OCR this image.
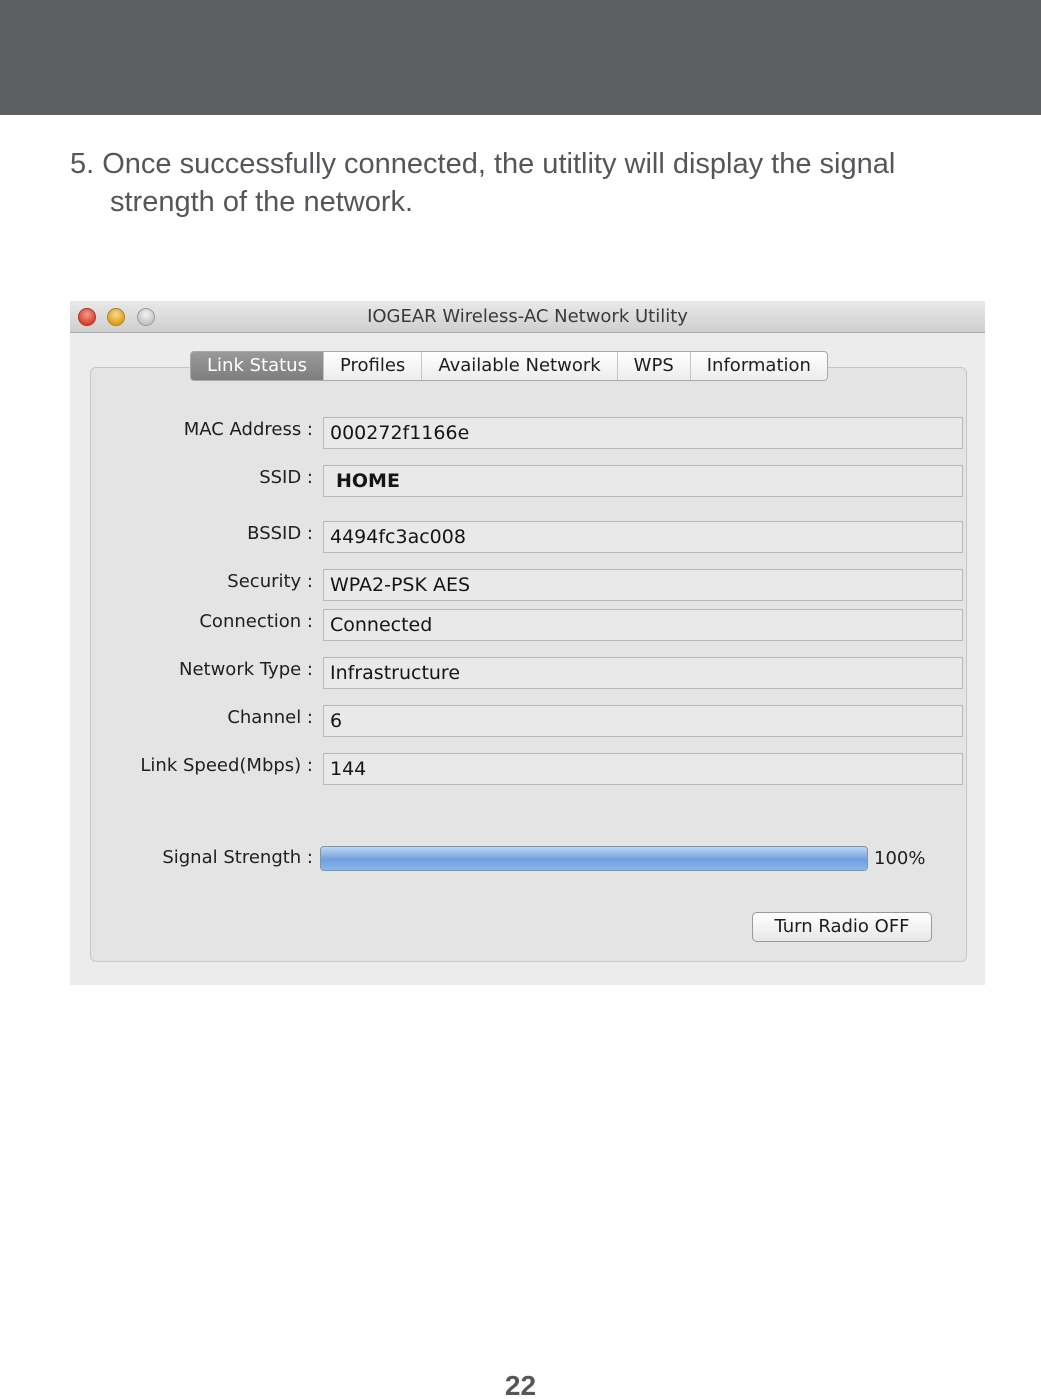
5. Once successfully connected, the utitlity will display the signal
strength of the network.

IOGEAR Wireless-AC Network Utility
Link Status	Profiles	Available Network	WPS	Information
MAC Address : 000272f1166e
SSID :	HOME
BSSID : 4494fc3ac008
Security : WPA2-PSK AES
Connection : Connected
Network Type : Infrastructure
Channel : 6
Link Speed(Mbps) : 144
Signal Strength :	100%
Turn Radio OFF
22
